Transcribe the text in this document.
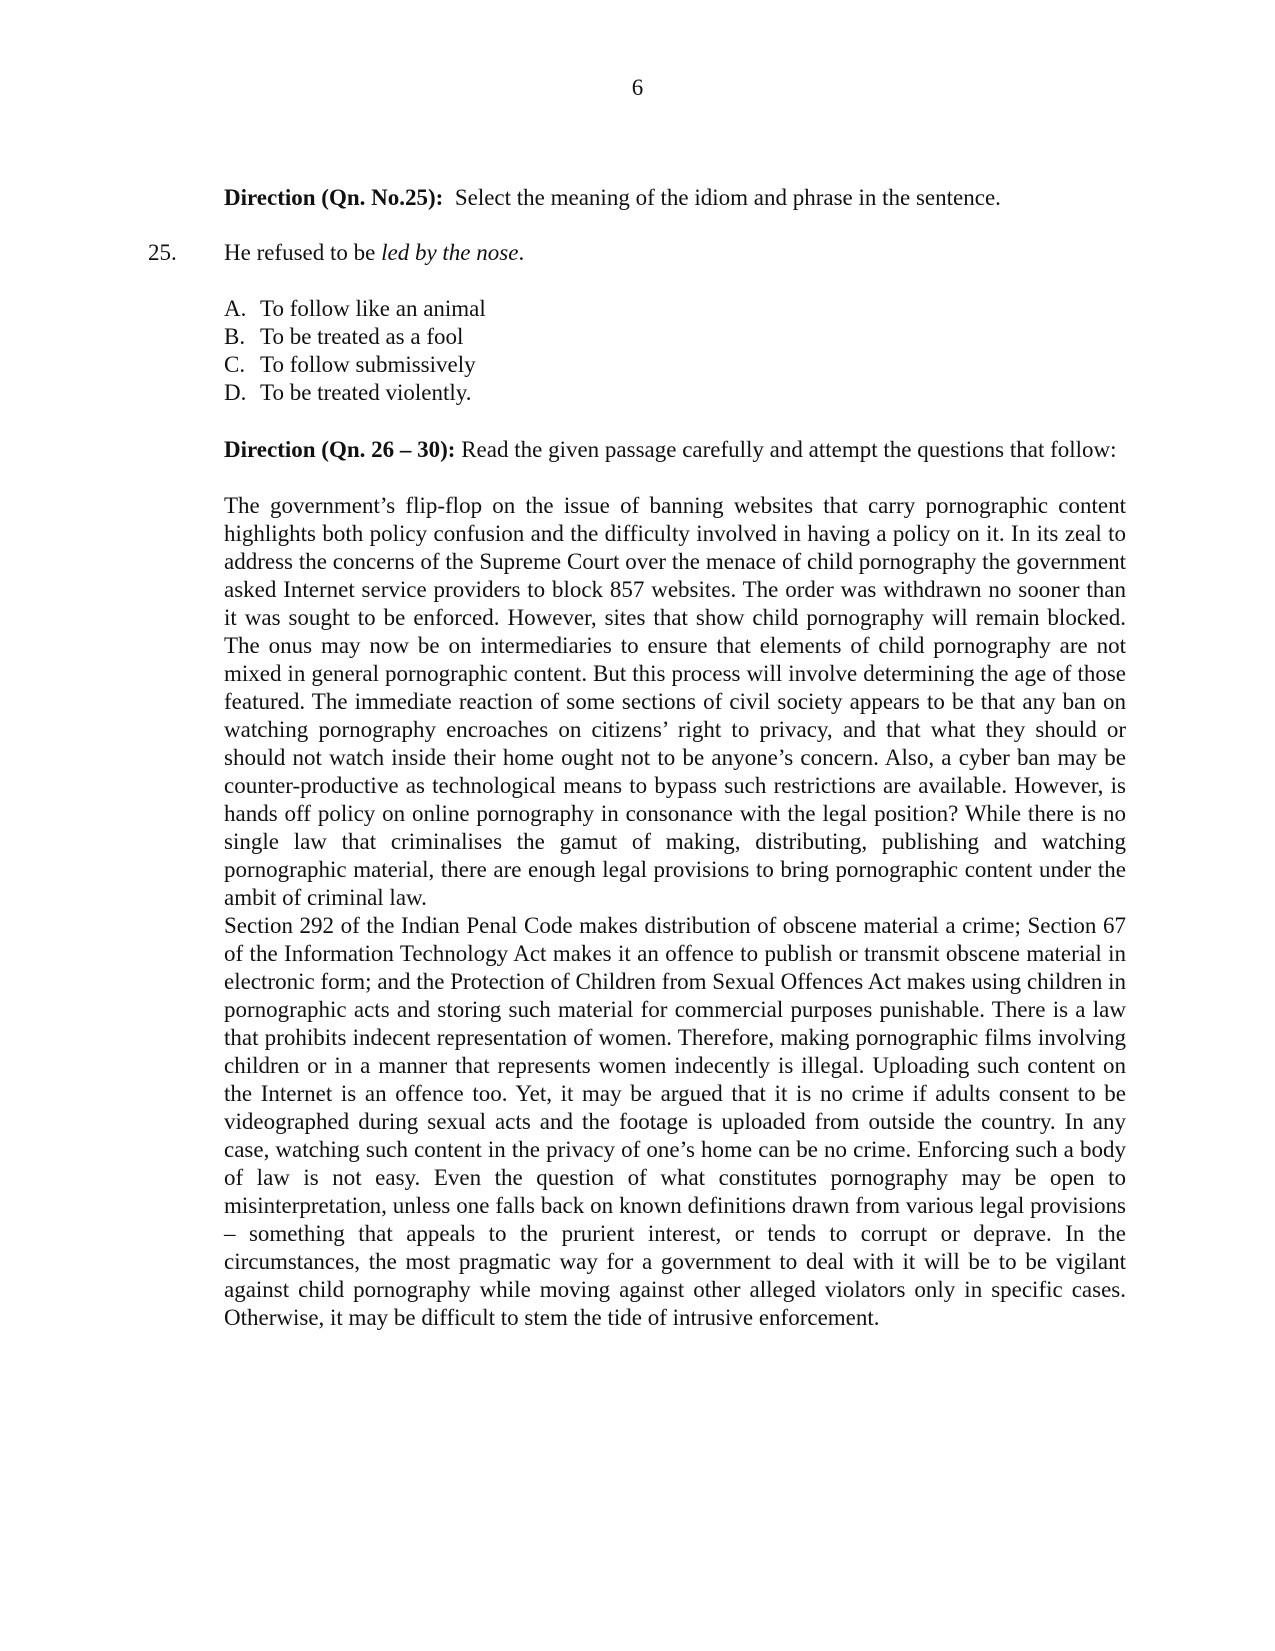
6

Direction (Qn. No.25): Select the meaning of the idiom and phrase in the sentence.

25. He refused to be led by the nose.
A. To follow like an animal
B. To be treated as a fool
C. To follow submissively
D. To be treated violently.

Direction (Qn. 26 – 30): Read the given passage carefully and attempt the questions that follow:

The government’s flip-flop on the issue of banning websites that carry pornographic content highlights both policy confusion and the difficulty involved in having a policy on it. In its zeal to address the concerns of the Supreme Court over the menace of child pornography the government asked Internet service providers to block 857 websites. The order was withdrawn no sooner than it was sought to be enforced. However, sites that show child pornography will remain blocked. The onus may now be on intermediaries to ensure that elements of child pornography are not mixed in general pornographic content. But this process will involve determining the age of those featured. The immediate reaction of some sections of civil society appears to be that any ban on watching pornography encroaches on citizens’ right to privacy, and that what they should or should not watch inside their home ought not to be anyone’s concern. Also, a cyber ban may be counter-productive as technological means to bypass such restrictions are available. However, is hands off policy on online pornography in consonance with the legal position? While there is no single law that criminalises the gamut of making, distributing, publishing and watching pornographic material, there are enough legal provisions to bring pornographic content under the ambit of criminal law.

Section 292 of the Indian Penal Code makes distribution of obscene material a crime; Section 67 of the Information Technology Act makes it an offence to publish or transmit obscene material in electronic form; and the Protection of Children from Sexual Offences Act makes using children in pornographic acts and storing such material for commercial purposes punishable. There is a law that prohibits indecent representation of women. Therefore, making pornographic films involving children or in a manner that represents women indecently is illegal. Uploading such content on the Internet is an offence too. Yet, it may be argued that it is no crime if adults consent to be videographed during sexual acts and the footage is uploaded from outside the country. In any case, watching such content in the privacy of one’s home can be no crime. Enforcing such a body of law is not easy. Even the question of what constitutes pornography may be open to misinterpretation, unless one falls back on known definitions drawn from various legal provisions – something that appeals to the prurient interest, or tends to corrupt or deprave. In the circumstances, the most pragmatic way for a government to deal with it will be to be vigilant against child pornography while moving against other alleged violators only in specific cases. Otherwise, it may be difficult to stem the tide of intrusive enforcement.
